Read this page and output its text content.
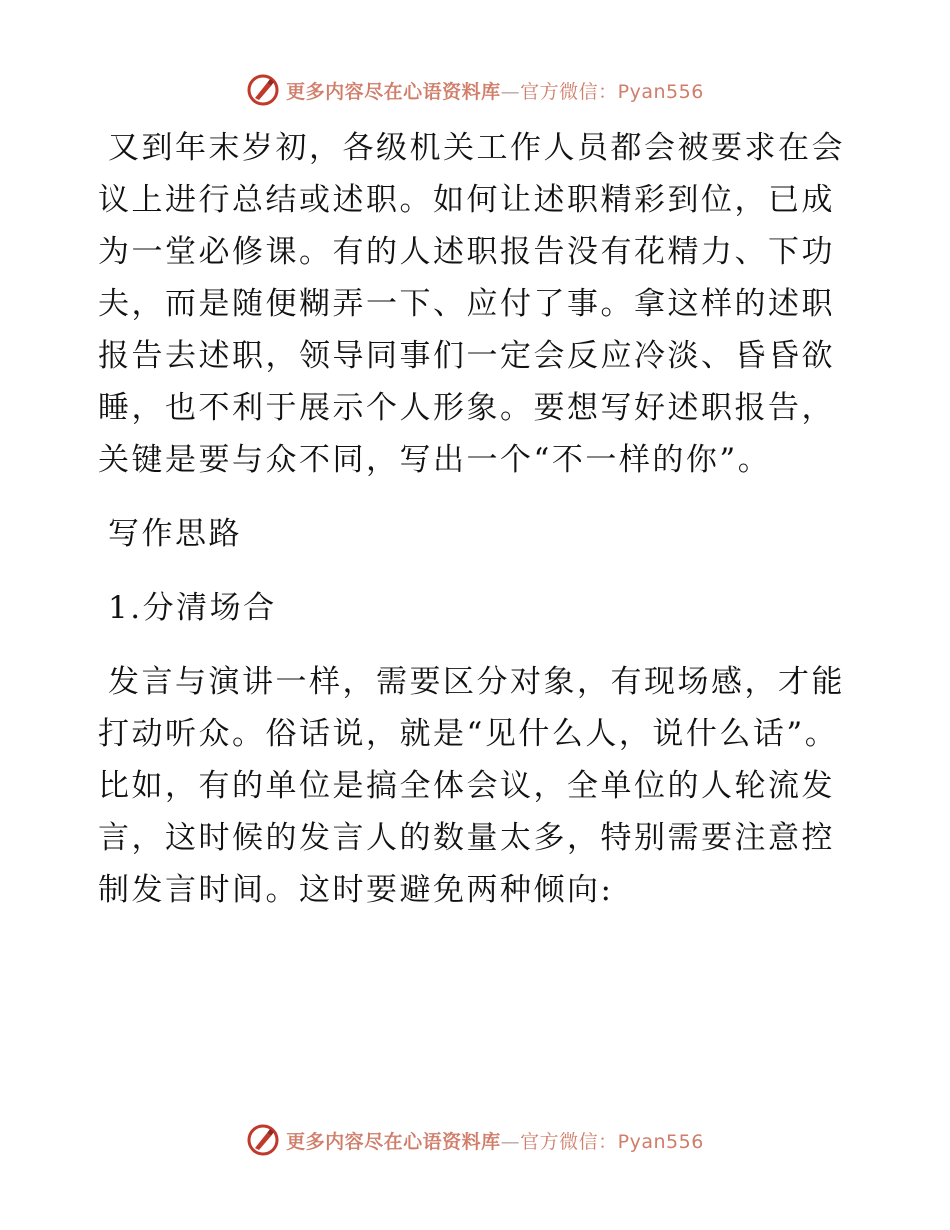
更多内容尽在心语资料库—官方微信：Pyan556

又到年末岁初，各级机关工作人员都会被要求在会议上进行总结或述职。如何让述职精彩到位，已成为一堂必修课。有的人述职报告没有花精力、下功夫，而是随便糊弄一下、应付了事。拿这样的述职报告去述职，领导同事们一定会反应冷淡、昏昏欲睡，也不利于展示个人形象。要想写好述职报告，关键是要与众不同，写出一个“不一样的你”。

写作思路

1.分清场合

发言与演讲一样，需要区分对象，有现场感，才能打动听众。俗话说，就是“见什么人，说什么话”。比如，有的单位是搞全体会议，全单位的人轮流发言，这时候的发言人的数量太多，特别需要注意控制发言时间。这时要避免两种倾向:

更多内容尽在心语资料库—官方微信：Pyan556
